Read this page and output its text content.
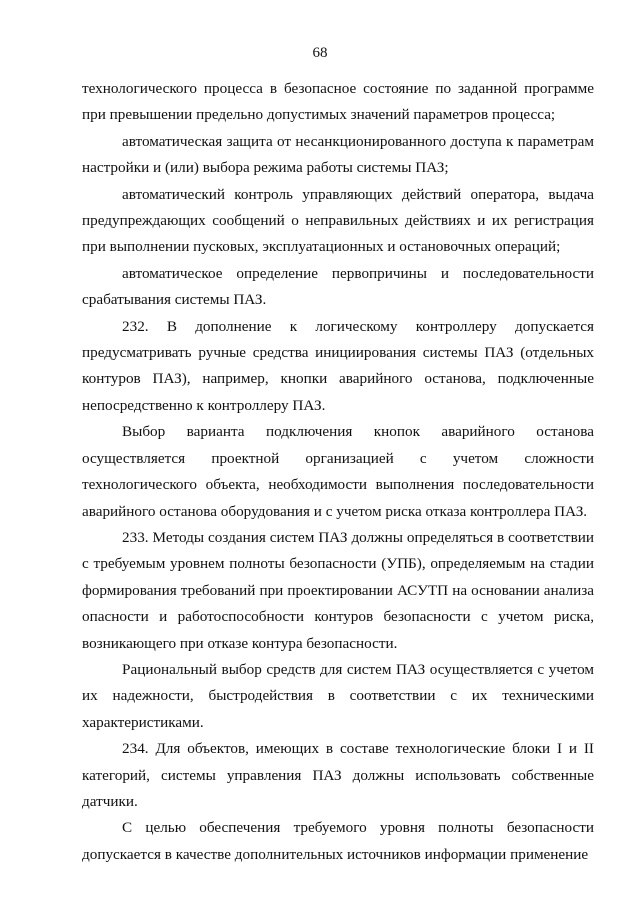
68

технологического процесса в безопасное состояние по заданной программе при превышении предельно допустимых значений параметров процесса;

автоматическая защита от несанкционированного доступа к параметрам настройки и (или) выбора режима работы системы ПАЗ;

автоматический контроль управляющих действий оператора, выдача предупреждающих сообщений о неправильных действиях и их регистрация при выполнении пусковых, эксплуатационных и остановочных операций;

автоматическое определение первопричины и последовательности срабатывания системы ПАЗ.

232. В дополнение к логическому контроллеру допускается предусматривать ручные средства инициирования системы ПАЗ (отдельных контуров ПАЗ), например, кнопки аварийного останова, подключенные непосредственно к контроллеру ПАЗ.

Выбор варианта подключения кнопок аварийного останова осуществляется проектной организацией с учетом сложности технологического объекта, необходимости выполнения последовательности аварийного останова оборудования и с учетом риска отказа контроллера ПАЗ.

233. Методы создания систем ПАЗ должны определяться в соответствии с требуемым уровнем полноты безопасности (УПБ), определяемым на стадии формирования требований при проектировании АСУТП на основании анализа опасности и работоспособности контуров безопасности с учетом риска, возникающего при отказе контура безопасности.

Рациональный выбор средств для систем ПАЗ осуществляется с учетом их надежности, быстродействия в соответствии с их техническими характеристиками.

234. Для объектов, имеющих в составе технологические блоки I и II категорий, системы управления ПАЗ должны использовать собственные датчики.

С целью обеспечения требуемого уровня полноты безопасности допускается в качестве дополнительных источников информации применение
